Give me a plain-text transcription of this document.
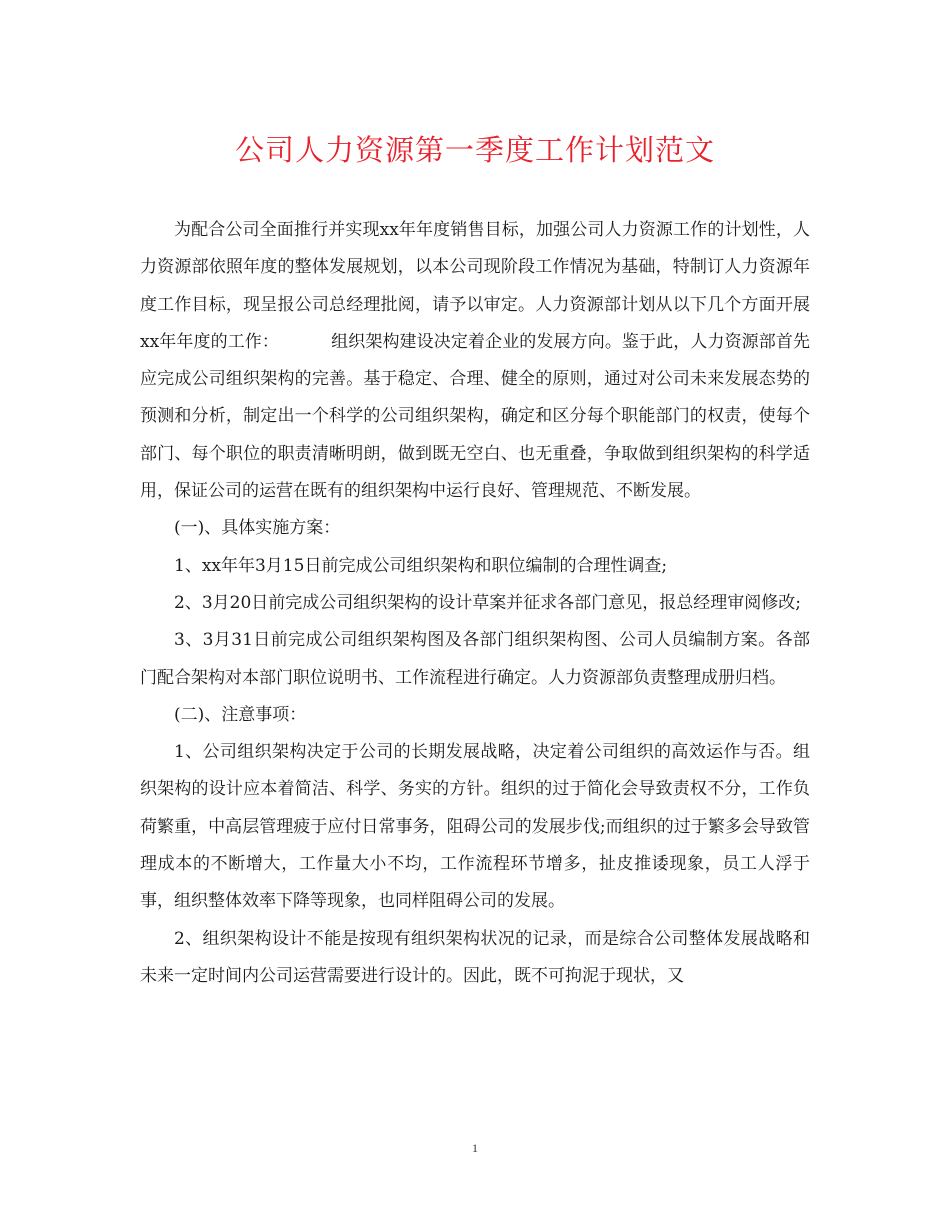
公司人力资源第一季度工作计划范文

为配合公司全面推行并实现xx年年度销售目标，加强公司人力资源工作的计划性，人力资源部依照年度的整体发展规划，以本公司现阶段工作情况为基础，特制订人力资源年度工作目标，现呈报公司总经理批阅，请予以审定。人力资源部计划从以下几个方面开展xx年年度的工作：	组织架构建设决定着企业的发展方向。鉴于此，人力资源部首先应完成公司组织架构的完善。基于稳定、合理、健全的原则，通过对公司未来发展态势的预测和分析，制定出一个科学的公司组织架构，确定和区分每个职能部门的权责，使每个部门、每个职位的职责清晰明朗，做到既无空白、也无重叠，争取做到组织架构的科学适用，保证公司的运营在既有的组织架构中运行良好、管理规范、不断发展。

(一)、具体实施方案：

1、xx年年3月15日前完成公司组织架构和职位编制的合理性调查;

2、3月20日前完成公司组织架构的设计草案并征求各部门意见，报总经理审阅修改;

3、3月31日前完成公司组织架构图及各部门组织架构图、公司人员编制方案。各部门配合架构对本部门职位说明书、工作流程进行确定。人力资源部负责整理成册归档。

(二)、注意事项：

1、公司组织架构决定于公司的长期发展战略，决定着公司组织的高效运作与否。组织架构的设计应本着简洁、科学、务实的方针。组织的过于简化会导致责权不分，工作负荷繁重，中高层管理疲于应付日常事务，阻碍公司的发展步伐;而组织的过于繁多会导致管理成本的不断增大，工作量大小不均，工作流程环节增多，扯皮推诿现象，员工人浮于事，组织整体效率下降等现象，也同样阻碍公司的发展。

2、组织架构设计不能是按现有组织架构状况的记录，而是综合公司整体发展战略和未来一定时间内公司运营需要进行设计的。因此，既不可拘泥于现状，又

1
